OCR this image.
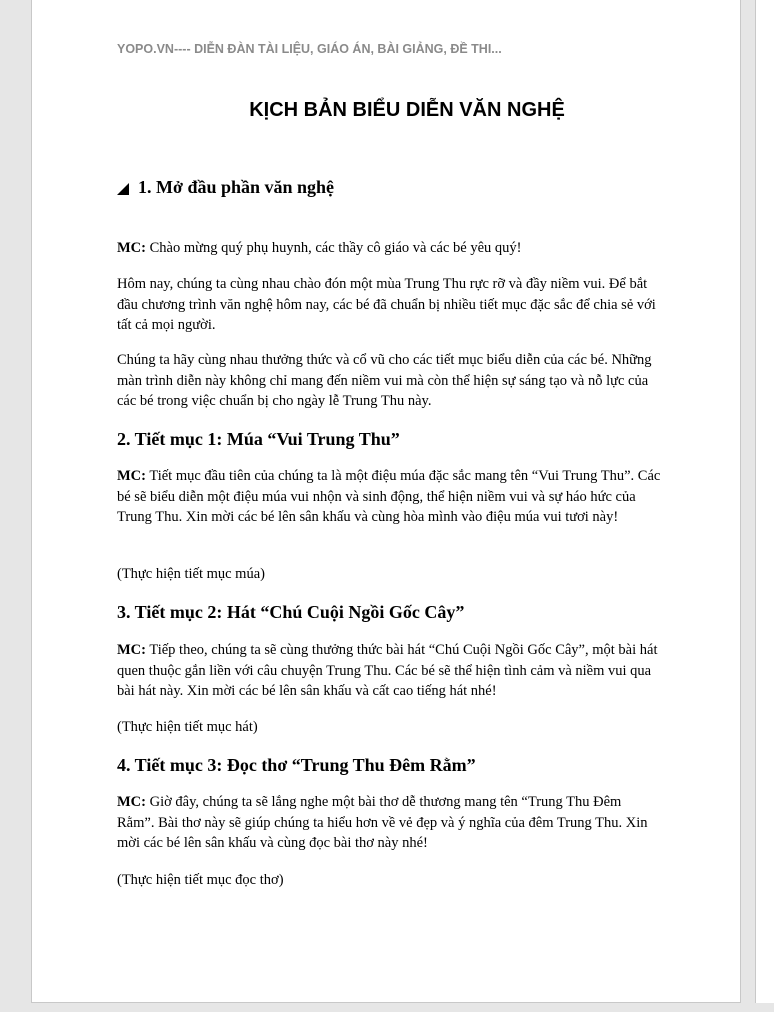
YOPO.VN---- DIỄN ĐÀN TÀI LIỆU, GIÁO ÁN, BÀI GIẢNG, ĐỀ THI...
KỊCH BẢN BIỂU DIỄN VĂN NGHỆ
1. Mở đầu phần văn nghệ
MC: Chào mừng quý phụ huynh, các thầy cô giáo và các bé yêu quý!
Hôm nay, chúng ta cùng nhau chào đón một mùa Trung Thu rực rỡ và đầy niềm vui. Để bắt đầu chương trình văn nghệ hôm nay, các bé đã chuẩn bị nhiều tiết mục đặc sắc để chia sẻ với tất cả mọi người.
Chúng ta hãy cùng nhau thưởng thức và cổ vũ cho các tiết mục biểu diễn của các bé. Những màn trình diễn này không chỉ mang đến niềm vui mà còn thể hiện sự sáng tạo và nỗ lực của các bé trong việc chuẩn bị cho ngày lễ Trung Thu này.
2. Tiết mục 1: Múa “Vui Trung Thu”
MC: Tiết mục đầu tiên của chúng ta là một điệu múa đặc sắc mang tên “Vui Trung Thu”. Các bé sẽ biểu diễn một điệu múa vui nhộn và sinh động, thể hiện niềm vui và sự háo hức của Trung Thu. Xin mời các bé lên sân khấu và cùng hòa mình vào điệu múa vui tươi này!
(Thực hiện tiết mục múa)
3. Tiết mục 2: Hát “Chú Cuội Ngồi Gốc Cây”
MC: Tiếp theo, chúng ta sẽ cùng thưởng thức bài hát “Chú Cuội Ngồi Gốc Cây”, một bài hát quen thuộc gắn liền với câu chuyện Trung Thu. Các bé sẽ thể hiện tình cảm và niềm vui qua bài hát này. Xin mời các bé lên sân khấu và cất cao tiếng hát nhé!
(Thực hiện tiết mục hát)
4. Tiết mục 3: Đọc thơ “Trung Thu Đêm Rằm”
MC: Giờ đây, chúng ta sẽ lắng nghe một bài thơ dễ thương mang tên “Trung Thu Đêm Rằm”. Bài thơ này sẽ giúp chúng ta hiểu hơn về vẻ đẹp và ý nghĩa của đêm Trung Thu. Xin mời các bé lên sân khấu và cùng đọc bài thơ này nhé!
(Thực hiện tiết mục đọc thơ)
